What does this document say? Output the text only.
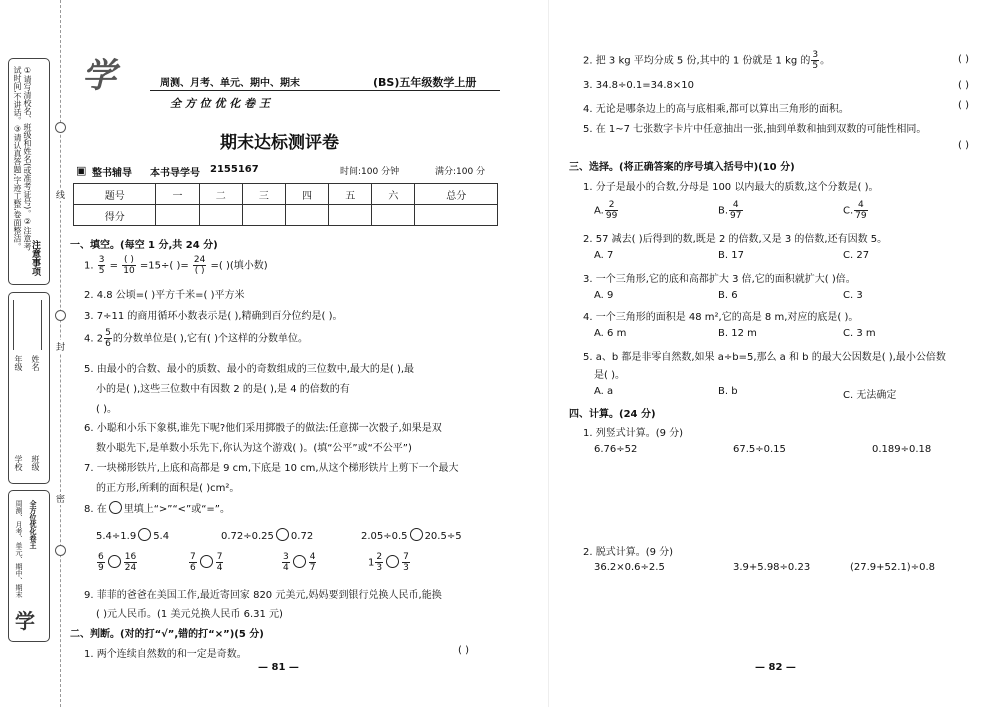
①请写清校名、班级和姓名(或准考证号)。②注意考试时间,不讲话。③请认真答题,字迹工整,卷面整洁。
注意事项
学校 班级
年级 姓名
周测、月考、单元、期中、期末 全方位优化卷王
学
线
封
密
学	周测、月考、单元、期中、期末	(BS)五年级数学上册
全 方 位 优 化 卷 王
期末达标测评卷
▣ 整书辅导 本书导学号 2155167	时间:100 分钟	满分:100 分
题号	一	二	三	四	五	六	总分
得分							
一、填空。(每空 1 分,共 24 分)
1. $\frac{3}{5} = \frac{( )}{10} =15\div$( )= $\frac{24}{( )}$ =( )(填小数)
2. 4.8 公顷=( )平方千米=( )平方米
3. 7÷11 的商用循环小数表示是( ),精确到百分位约是( )。
4. $2 \frac{5}{6}$ 的分数单位是( ),它有( )个这样的分数单位。
5. 由最小的合数、最小的质数、最小的奇数组成的三位数中,最大的是( ),最
小的是( ),这些三位数中有因数 2 的是( ),是 4 的倍数的有
( )。
6. 小聪和小乐下象棋,谁先下呢?他们采用掷骰子的做法:任意掷一次骰子,如果是双
数小聪先下,是单数小乐先下,你认为这个游戏( )。(填“公平”或“不公平”)
7. 一块梯形铁片,上底和高都是 9 cm,下底是 10 cm,从这个梯形铁片上剪下一个最大
的正方形,所剩的面积是( )cm²。
8. 在 里填上“>”“<”或“=”。
5.4÷1.9 5.4	0.72÷0.25 0.72	2.05÷0.5 20.5÷5
$\frac{6}{9} \frac{16}{24}$	$\frac{7}{6} \frac{7}{4}$	$\frac{3}{4} \frac{4}{7}$	$1 \frac{2}{3} \frac{7}{3}$
9. 菲菲的爸爸在美国工作,最近寄回家 820 元美元,妈妈要到银行兑换人民币,能换
( )元人民币。(1 美元兑换人民币 6.31 元)
二、判断。(对的打“√”,错的打“×”)(5 分)
1. 两个连续自然数的和一定是奇数。	( )
— 81 —
2. 把 3 kg 平均分成 5 份,其中的 1 份就是 1 kg 的 $\frac{3}{5}$ 。	( )
3. 34.8÷0.1=34.8×10	( )
4. 无论是哪条边上的高与底相乘,都可以算出三角形的面积。	( )
5. 在 1~7 七张数字卡片中任意抽出一张,抽到单数和抽到双数的可能性相同。
( )
三、选择。(将正确答案的序号填入括号中)(10 分)
1. 分子是最小的合数,分母是 100 以内最大的质数,这个分数是( )。
A. $\frac{2}{99}$	B. $\frac{4}{97}$	C. $\frac{4}{79}$
2. 57 减去( )后得到的数,既是 2 的倍数,又是 3 的倍数,还有因数 5。
A. 7	B. 17	C. 27
3. 一个三角形,它的底和高都扩大 3 倍,它的面积就扩大( )倍。
A. 9	B. 6	C. 3
4. 一个三角形的面积是 48 m²,它的高是 8 m,对应的底是( )。
A. 6 m	B. 12 m	C. 3 m
5. a、b 都是非零自然数,如果 a÷b=5,那么 a 和 b 的最大公因数是( ),最小公倍数
是( )。
A. a	B. b	C. 无法确定
四、计算。(24 分)
1. 列竖式计算。(9 分)
6.76÷52	67.5÷0.15	0.189÷0.18
2. 脱式计算。(9 分)
36.2×0.6÷2.5	3.9+5.98÷0.23	(27.9+52.1)÷0.8
— 82 —
